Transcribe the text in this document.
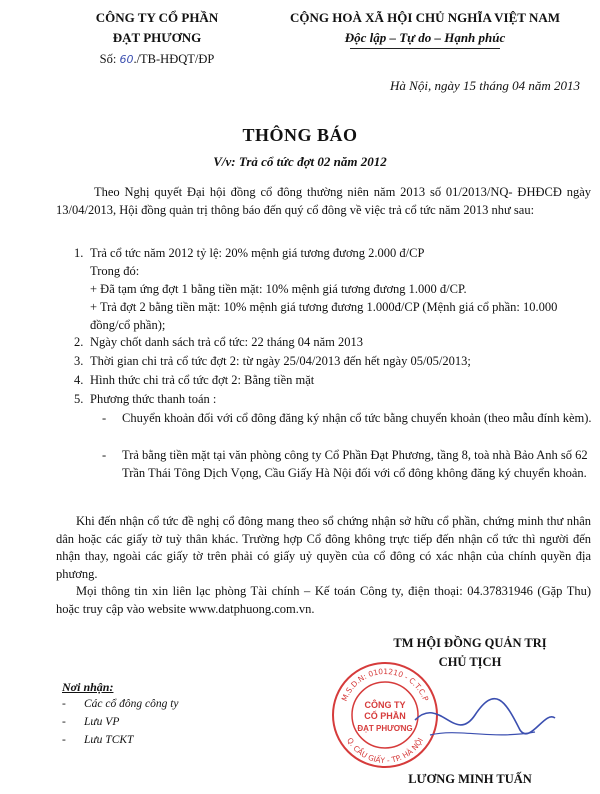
CÔNG TY CỔ PHẦN
ĐẠT PHƯƠNG
Số: 60./TB-HĐQT/ĐP
CỘNG HOÀ XÃ HỘI CHỦ NGHĨA VIỆT NAM
Độc lập – Tự do – Hạnh phúc
Hà Nội, ngày 15 tháng 04 năm 2013
THÔNG BÁO
V/v: Trả cổ tức đợt 02 năm 2012
Theo Nghị quyết Đại hội đồng cổ đông thường niên năm 2013 số 01/2013/NQ- ĐHĐCĐ ngày 13/04/2013, Hội đồng quản trị thông báo đến quý cổ đông về việc trả cổ tức năm 2013 như sau:
1. Trả cổ tức năm 2012 tỷ lệ: 20% mệnh giá tương đương 2.000 đ/CP
Trong đó:
+ Đã tạm ứng đợt 1 bằng tiền mặt: 10% mệnh giá tương đương 1.000 đ/CP.
+ Trả đợt 2 bằng tiền mặt: 10% mệnh giá tương đương 1.000đ/CP (Mệnh giá cổ phần: 10.000 đồng/cổ phần);
2. Ngày chốt danh sách trả cổ tức: 22 tháng 04 năm 2013
3. Thời gian chi trả cổ tức đợt 2: từ ngày 25/04/2013 đến hết ngày 05/05/2013;
4. Hình thức chi trả cổ tức đợt 2: Bằng tiền mặt
5. Phương thức thanh toán :
- Chuyển khoản đối với cổ đông đăng ký nhận cổ tức bằng chuyển khoản (theo mẫu đính kèm).
- Trả bằng tiền mặt tại văn phòng công ty Cổ Phần Đạt Phương, tầng 8, toà nhà Bảo Anh số 62 Trần Thái Tông Dịch Vọng, Cầu Giấy Hà Nội đối với cổ đông không đăng ký chuyển khoản.
Khi đến nhận cổ tức đề nghị cổ đông mang theo sổ chứng nhận sở hữu cổ phần, chứng minh thư nhân dân hoặc các giấy tờ tuỳ thân khác. Trường hợp Cổ đông không trực tiếp đến nhận cổ tức thì người đến nhận thay, ngoài các giấy tờ trên phải có giấy uỷ quyền của cổ đông có xác nhận của chính quyền địa phương.
Mọi thông tin xin liên lạc phòng Tài chính – Kế toán Công ty, điện thoại: 04.37831946 (Gặp Thu) hoặc truy cập vào website www.datphuong.com.vn.
TM HỘI ĐỒNG QUẢN TRỊ
CHỦ TỊCH
M.S.D.N: 0101210 - C.T.C.P
Q. CẦU GIẤY - TP. HÀ NỘI
CÔNG TY
CỔ PHẦN
ĐẠT PHƯƠNG
LƯƠNG MINH TUẤN
Nơi nhận:
- Các cổ đông công ty
- Lưu VP
- Lưu TCKT
